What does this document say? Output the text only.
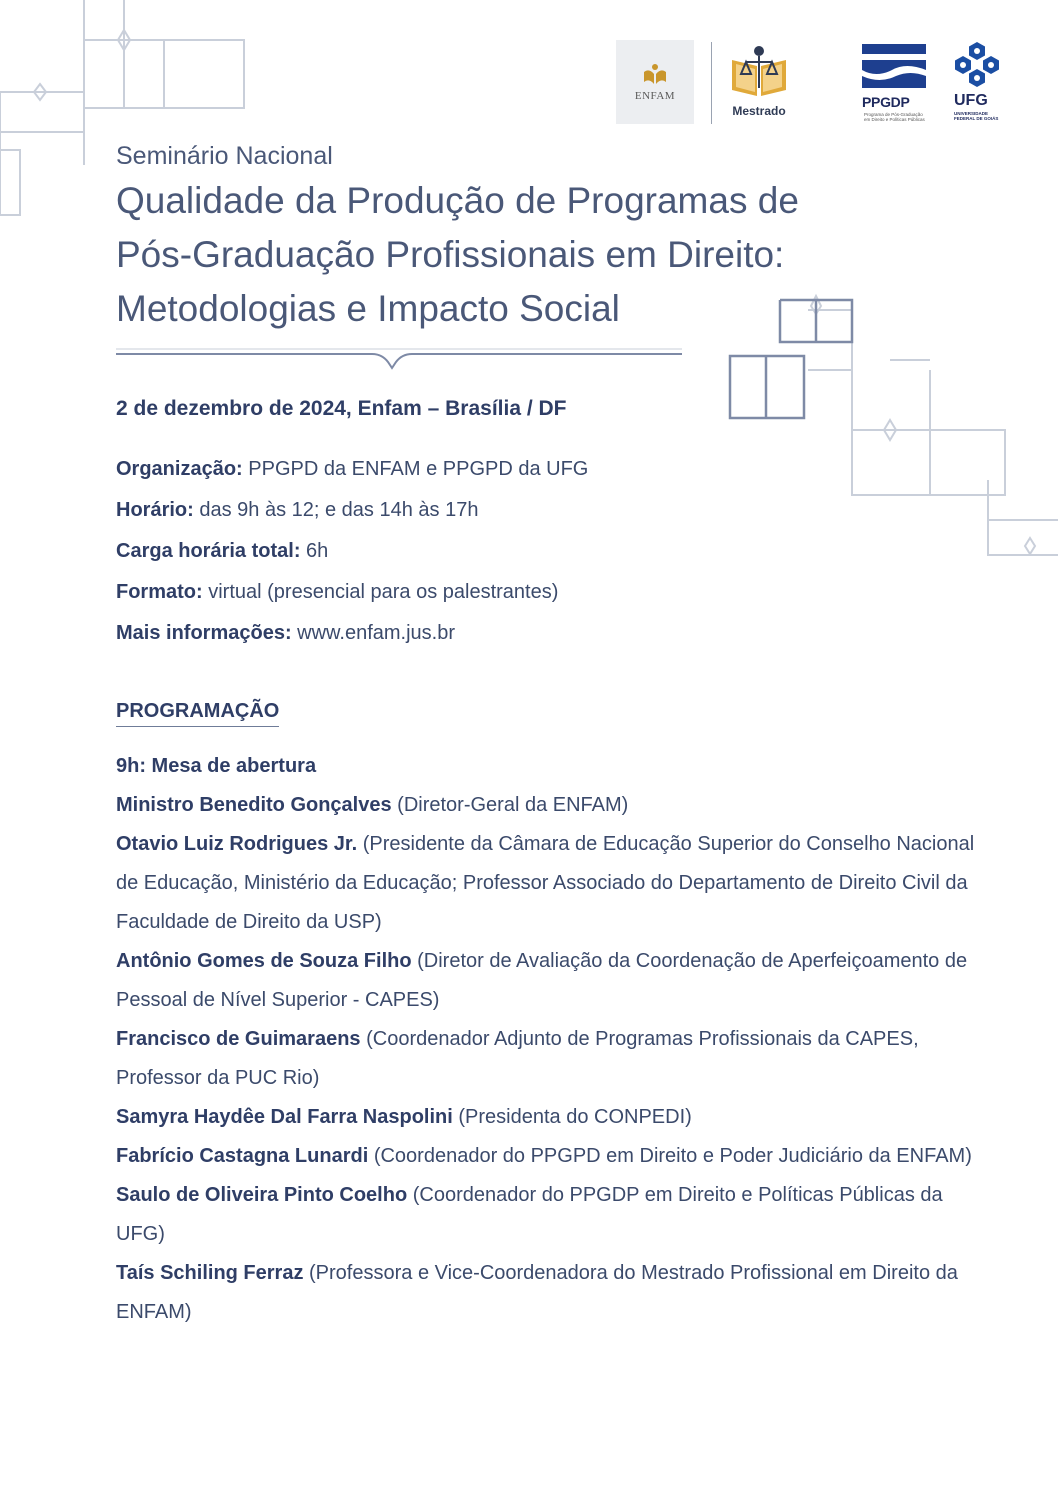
ENFAM
Mestrado
PPGDP
Programa de Pós-Graduação em Direito e Políticas Públicas
UFG
UNIVERSIDADE FEDERAL DE GOIÁS

Seminário Nacional

Qualidade da Produção de Programas de
Pós-Graduação Profissionais em Direito:
Metodologias e Impacto Social
2 de dezembro de 2024, Enfam – Brasília / DF
Organização: PPGPD da ENFAM e PPGPD da UFG
Horário: das 9h às 12; e das 14h às 17h
Carga horária total: 6h
Formato: virtual (presencial para os palestrantes)
Mais informações: www.enfam.jus.br
PROGRAMAÇÃO
9h: Mesa de abertura
Ministro Benedito Gonçalves (Diretor-Geral da ENFAM)
Otavio Luiz Rodrigues Jr. (Presidente da Câmara de Educação Superior do Conselho Nacional de Educação, Ministério da Educação; Professor Associado do Departamento de Direito Civil da Faculdade de Direito da USP)
Antônio Gomes de Souza Filho (Diretor de Avaliação da Coordenação de Aperfeiçoamento de Pessoal de Nível Superior - CAPES)
Francisco de Guimaraens (Coordenador Adjunto de Programas Profissionais da CAPES, Professor da PUC Rio)
Samyra Haydêe Dal Farra Naspolini (Presidenta do CONPEDI)
Fabrício Castagna Lunardi (Coordenador do PPGPD em Direito e Poder Judiciário da ENFAM)
Saulo de Oliveira Pinto Coelho (Coordenador do PPGDP em Direito e Políticas Públicas da UFG)
Taís Schiling Ferraz (Professora e Vice-Coordenadora do Mestrado Profissional em Direito da ENFAM)
